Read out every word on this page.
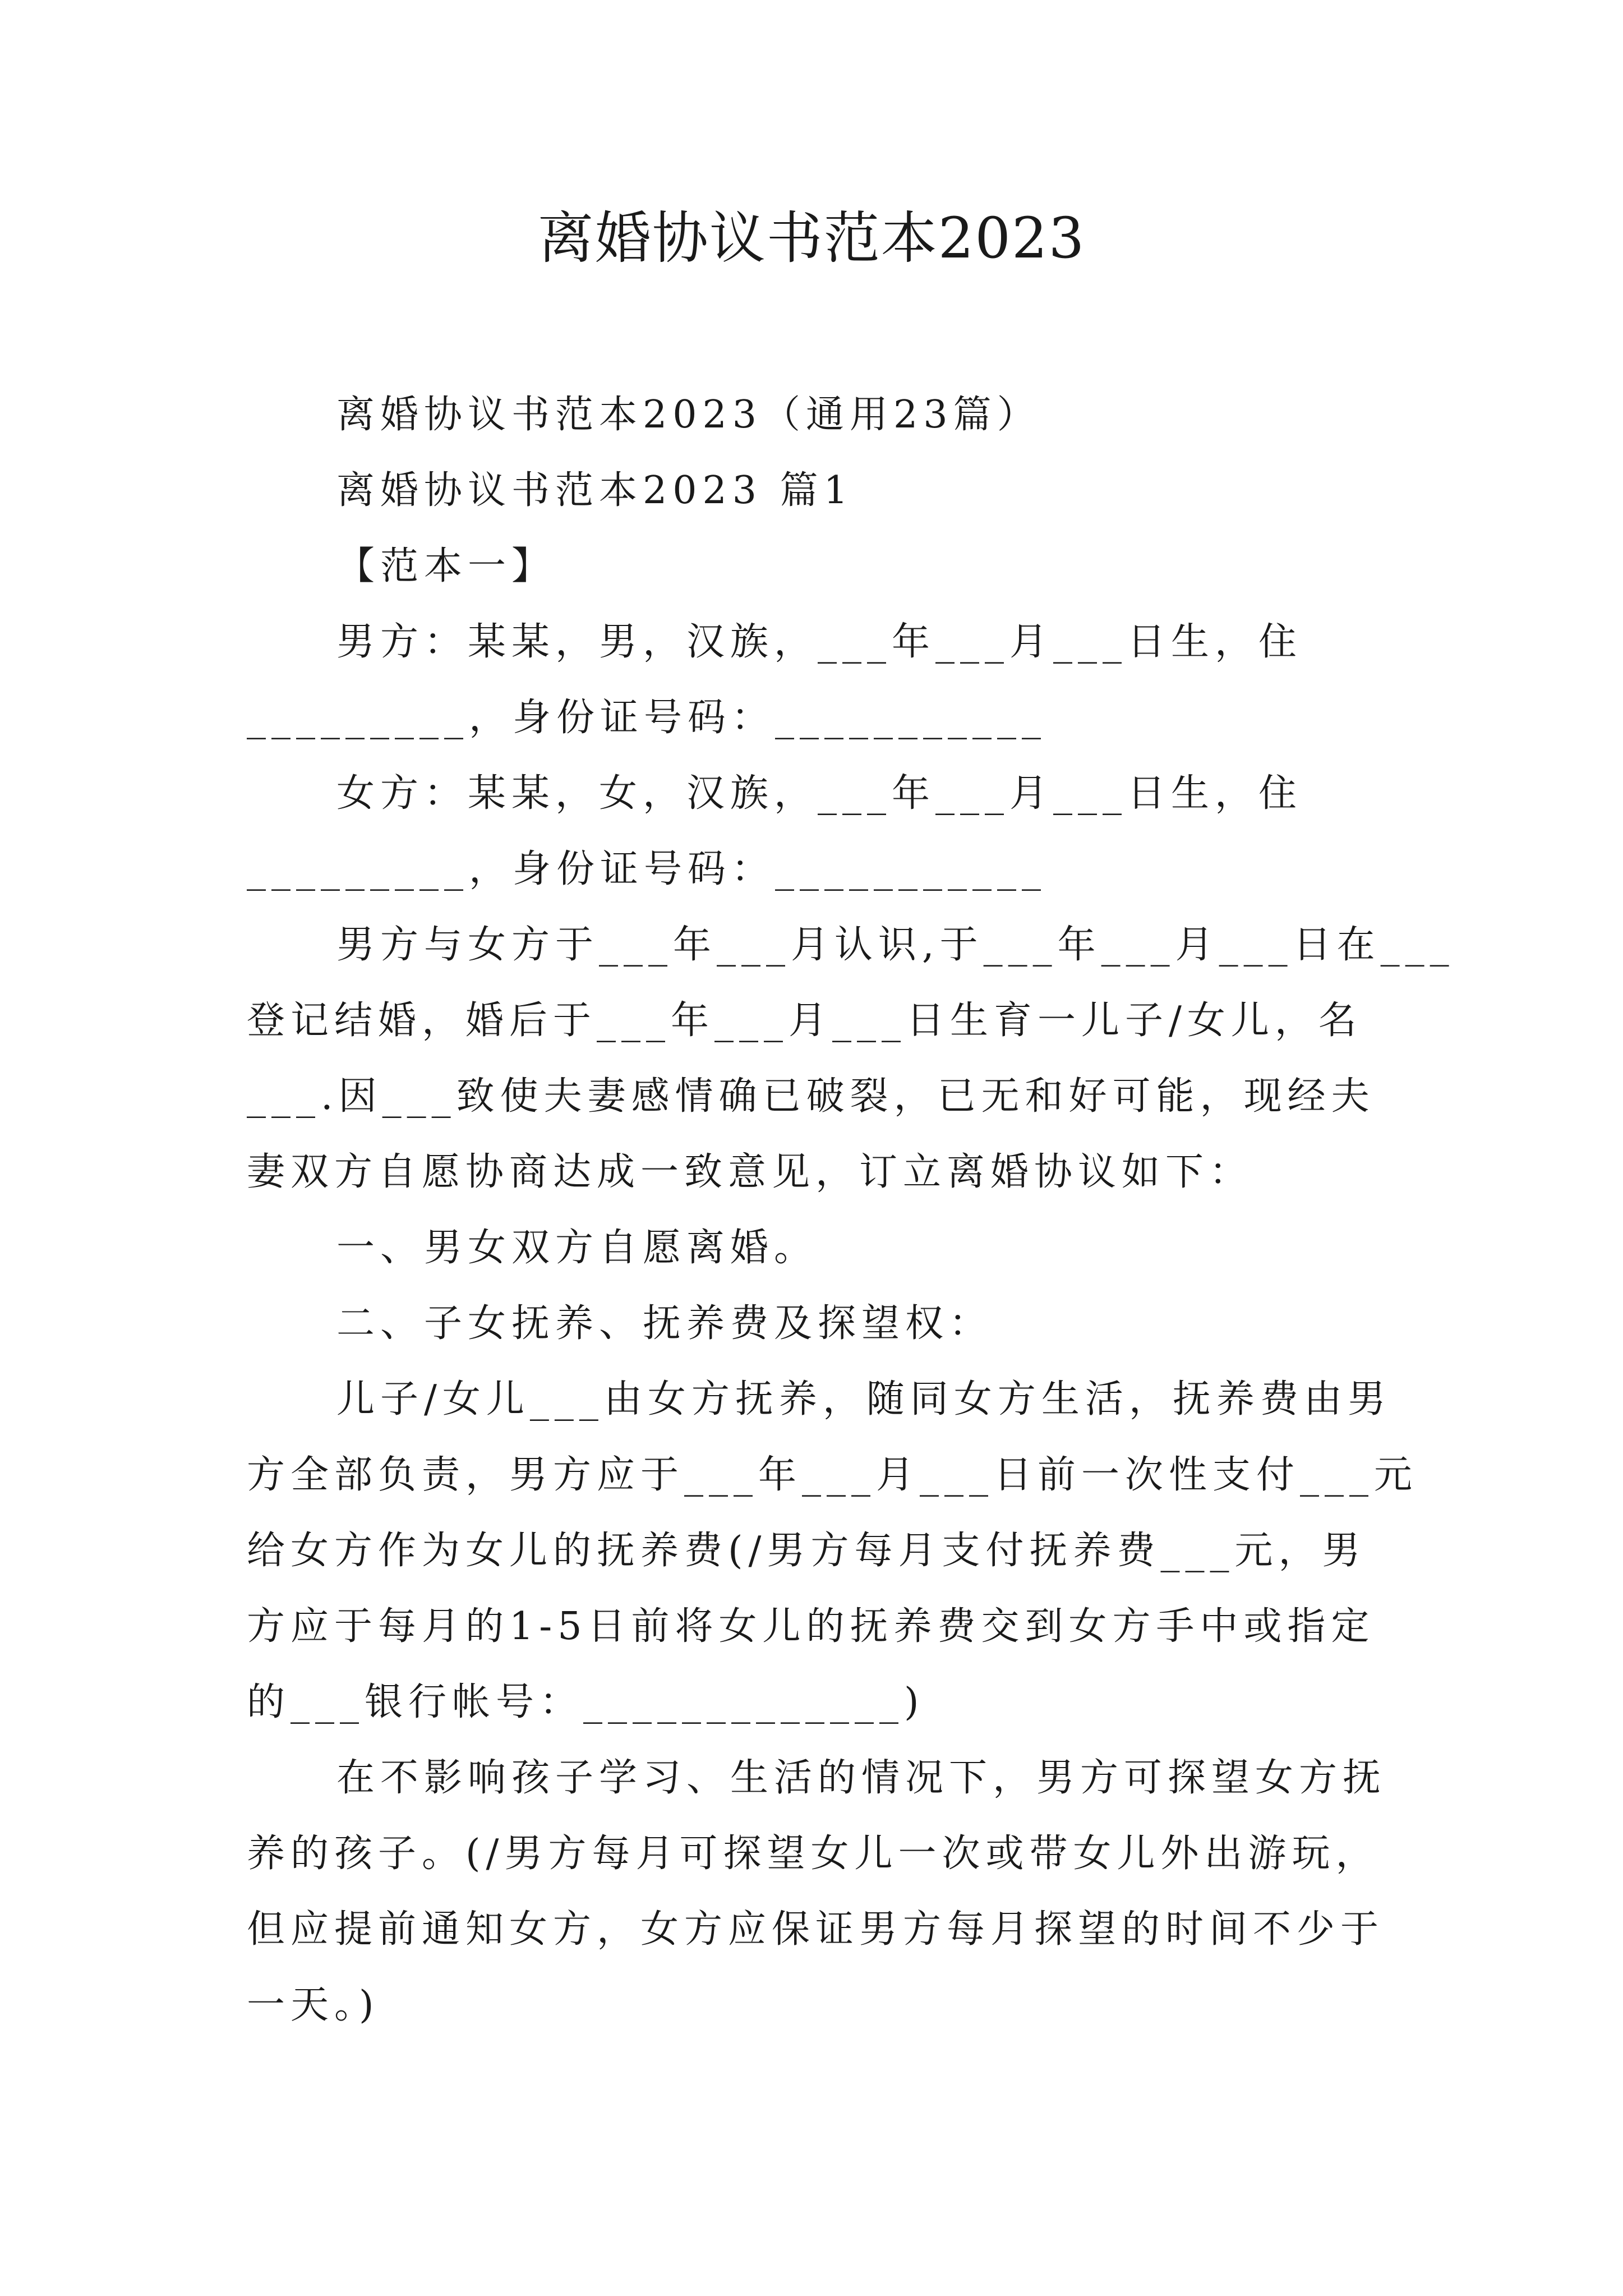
离婚协议书范本2023
离婚协议书范本2023（通用23篇）
离婚协议书范本2023 篇1
【范本一】
男方：某某，男，汉族，___年___月___日生，住
_________，身份证号码：___________
女方：某某，女，汉族，___年___月___日生，住
_________，身份证号码：___________
男方与女方于___年___月认识,于___年___月___日在___
登记结婚，婚后于___年___月___日生育一儿子/女儿，名
___.因___致使夫妻感情确已破裂，已无和好可能，现经夫
妻双方自愿协商达成一致意见，订立离婚协议如下：
一、男女双方自愿离婚。
二、子女抚养、抚养费及探望权：
儿子/女儿___由女方抚养，随同女方生活，抚养费由男
方全部负责，男方应于___年___月___日前一次性支付___元
给女方作为女儿的抚养费(/男方每月支付抚养费___元，男
方应于每月的1-5日前将女儿的抚养费交到女方手中或指定
的___银行帐号：_____________)
在不影响孩子学习、生活的情况下，男方可探望女方抚
养的孩子。(/男方每月可探望女儿一次或带女儿外出游玩，
但应提前通知女方，女方应保证男方每月探望的时间不少于
一天。)
